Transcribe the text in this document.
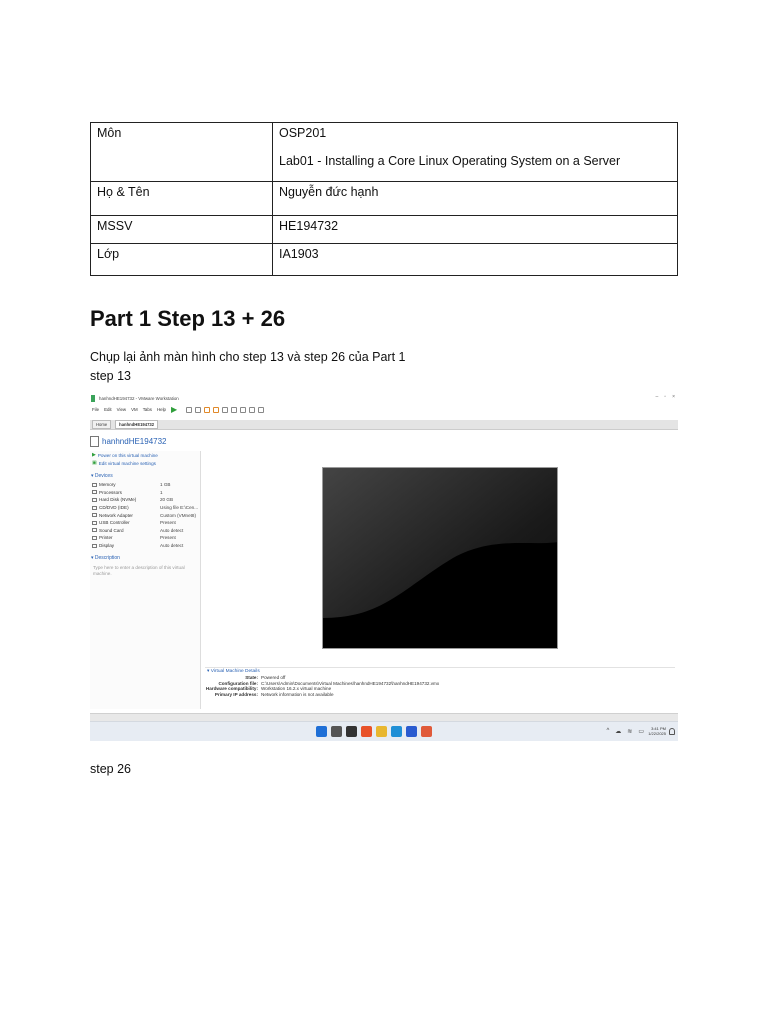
Môn	OSP201
Lab01 - Installing a Core Linux Operating System on a Server

Họ & Tên	Nguyễn đức hạnh
MSSV	HE194732
Lớp	IA1903
Part 1 Step 13 + 26
Chụp lại ảnh màn hình cho step 13 và step 26 của Part 1
step 13
hanhndHE194732 - VMware Workstation	– ▫ ×
File Edit View VM Tabs Help ▶
Home	hanhndHE194732
hanhndHE194732
▶ Power on this virtual machine
▣ Edit virtual machine settings
▾ Devices
Memory	1 GB
Processors	1
Hard Disk (NVMe)	20 GB
CD/DVD (IDE)	Using file E:\Cen...
Network Adapter	Custom (VMnet8)
USB Controller	Present
Sound Card	Auto detect
Printer	Present
Display	Auto detect
▾ Description
Type here to enter a description of this virtual machine.
▾ Virtual Machine Details
State: Powered off
Configuration file: C:\Users\Admin\Documents\Virtual Machines\hanhndHE194732\hanhndHE194732.vmx
Hardware compatibility: Workstation 16.2.x virtual machine
Primary IP address: Network information is not available
^ ☁ ≋ ▭
3:41 PM
1/22/2025
step 26
